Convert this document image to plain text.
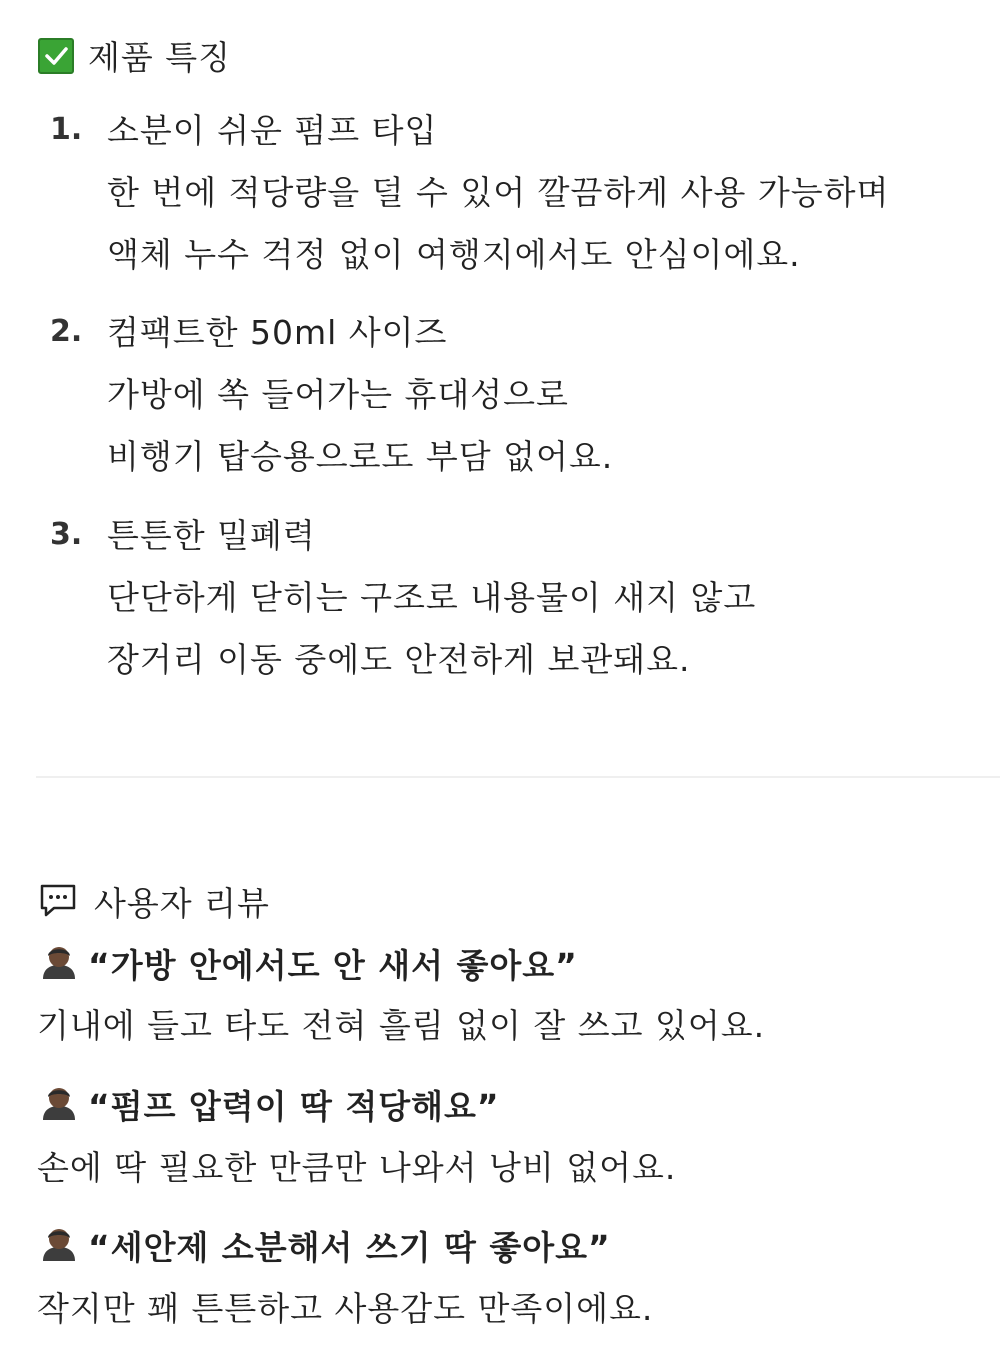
제품 특징
1. 소분이 쉬운 펌프 타입
한 번에 적당량을 덜 수 있어 깔끔하게 사용 가능하며
액체 누수 걱정 없이 여행지에서도 안심이에요.
2. 컴팩트한 50ml 사이즈
가방에 쏙 들어가는 휴대성으로
비행기 탑승용으로도 부담 없어요.
3. 튼튼한 밀폐력
단단하게 닫히는 구조로 내용물이 새지 않고
장거리 이동 중에도 안전하게 보관돼요.
사용자 리뷰
“가방 안에서도 안 새서 좋아요”
기내에 들고 타도 전혀 흘림 없이 잘 쓰고 있어요.
“펌프 압력이 딱 적당해요”
손에 딱 필요한 만큼만 나와서 낭비 없어요.
“세안제 소분해서 쓰기 딱 좋아요”
작지만 꽤 튼튼하고 사용감도 만족이에요.
